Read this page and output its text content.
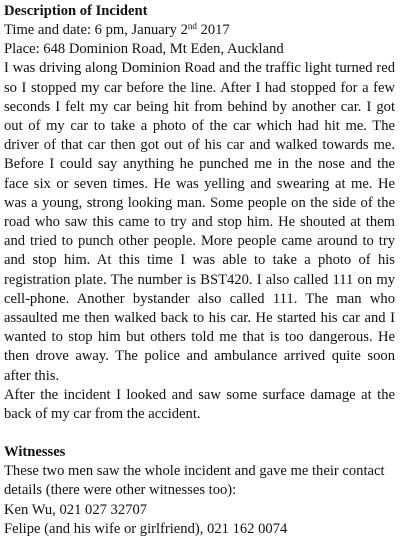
Description of Incident

Time and date: 6 pm, January 2nd 2017

Place: 648 Dominion Road, Mt Eden, Auckland

I was driving along Dominion Road and the traffic light turned red so I stopped my car before the line. After I had stopped for a few seconds I felt my car being hit from behind by another car. I got out of my car to take a photo of the car which had hit me. The driver of that car then got out of his car and walked towards me. Before I could say anything he punched me in the nose and the face six or seven times. He was yelling and swearing at me. He was a young, strong looking man. Some people on the side of the road who saw this came to try and stop him. He shouted at them and tried to punch other people. More people came around to try and stop him. At this time I was able to take a photo of his registration plate. The number is BST420. I also called 111 on my cell-phone. Another bystander also called 111. The man who assaulted me then walked back to his car. He started his car and I wanted to stop him but others told me that is too dangerous. He then drove away. The police and ambulance arrived quite soon after this.

After the incident I looked and saw some surface damage at the back of my car from the accident.

Witnesses

These two men saw the whole incident and gave me their contact details (there were other witnesses too):

Ken Wu, 021 027 32707

Felipe (and his wife or girlfriend), 021 162 0074
